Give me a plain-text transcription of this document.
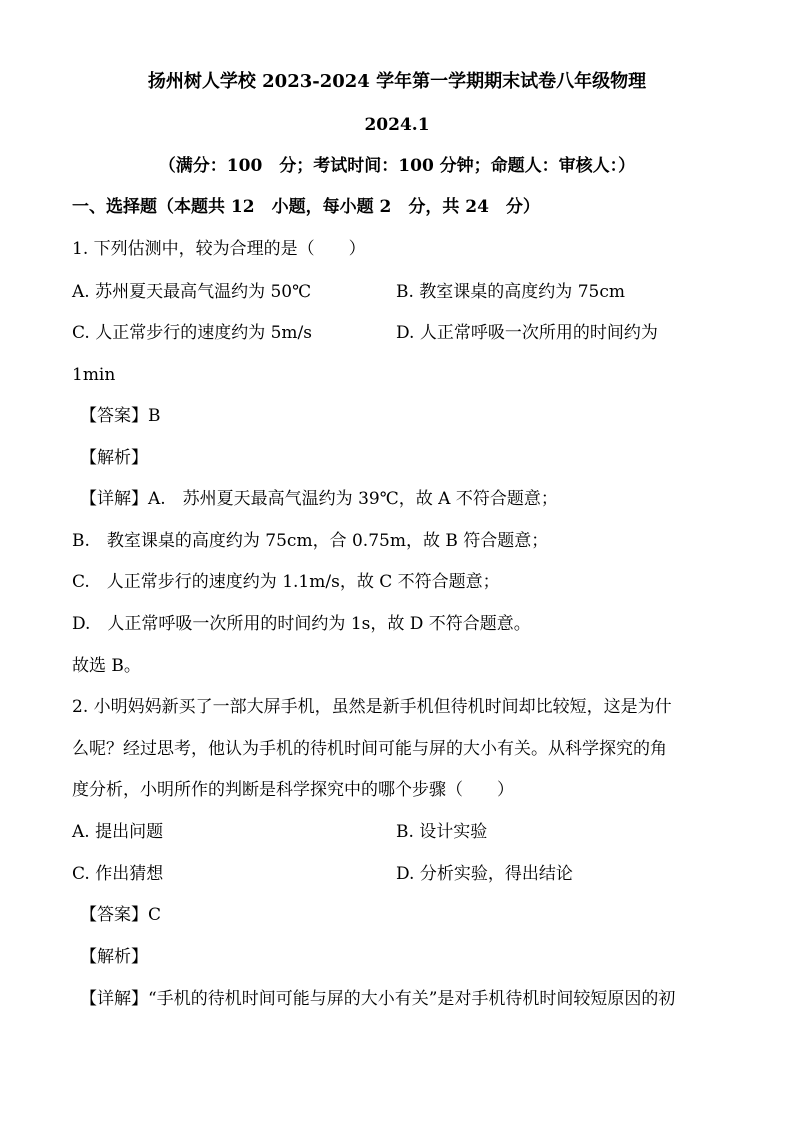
扬州树人学校 2023-2024 学年第一学期期末试卷八年级物理
2024.1
（满分：100　分；考试时间：100 分钟；命题人：审核人：）
一、选择题（本题共 12　小题，每小题 2　分，共 24　分）
1. 下列估测中，较为合理的是（　　）
A. 苏州夏天最高气温约为 50℃	B. 教室课桌的高度约为 75cm
C. 人正常步行的速度约为 5m/s	D. 人正常呼吸一次所用的时间约为
1min
【答案】B
【解析】
【详解】A.　苏州夏天最高气温约为 39℃，故 A 不符合题意；
B.　教室课桌的高度约为 75cm，合 0.75m，故 B 符合题意；
C.　人正常步行的速度约为 1.1m/s，故 C 不符合题意；
D.　人正常呼吸一次所用的时间约为 1s，故 D 不符合题意。
故选 B。
2. 小明妈妈新买了一部大屏手机，虽然是新手机但待机时间却比较短，这是为什
么呢？经过思考，他认为手机的待机时间可能与屏的大小有关。从科学探究的角
度分析，小明所作的判断是科学探究中的哪个步骤（　　）
A. 提出问题	B. 设计实验
C. 作出猜想	D. 分析实验，得出结论
【答案】C
【解析】
【详解】“手机的待机时间可能与屏的大小有关”是对手机待机时间较短原因的初
